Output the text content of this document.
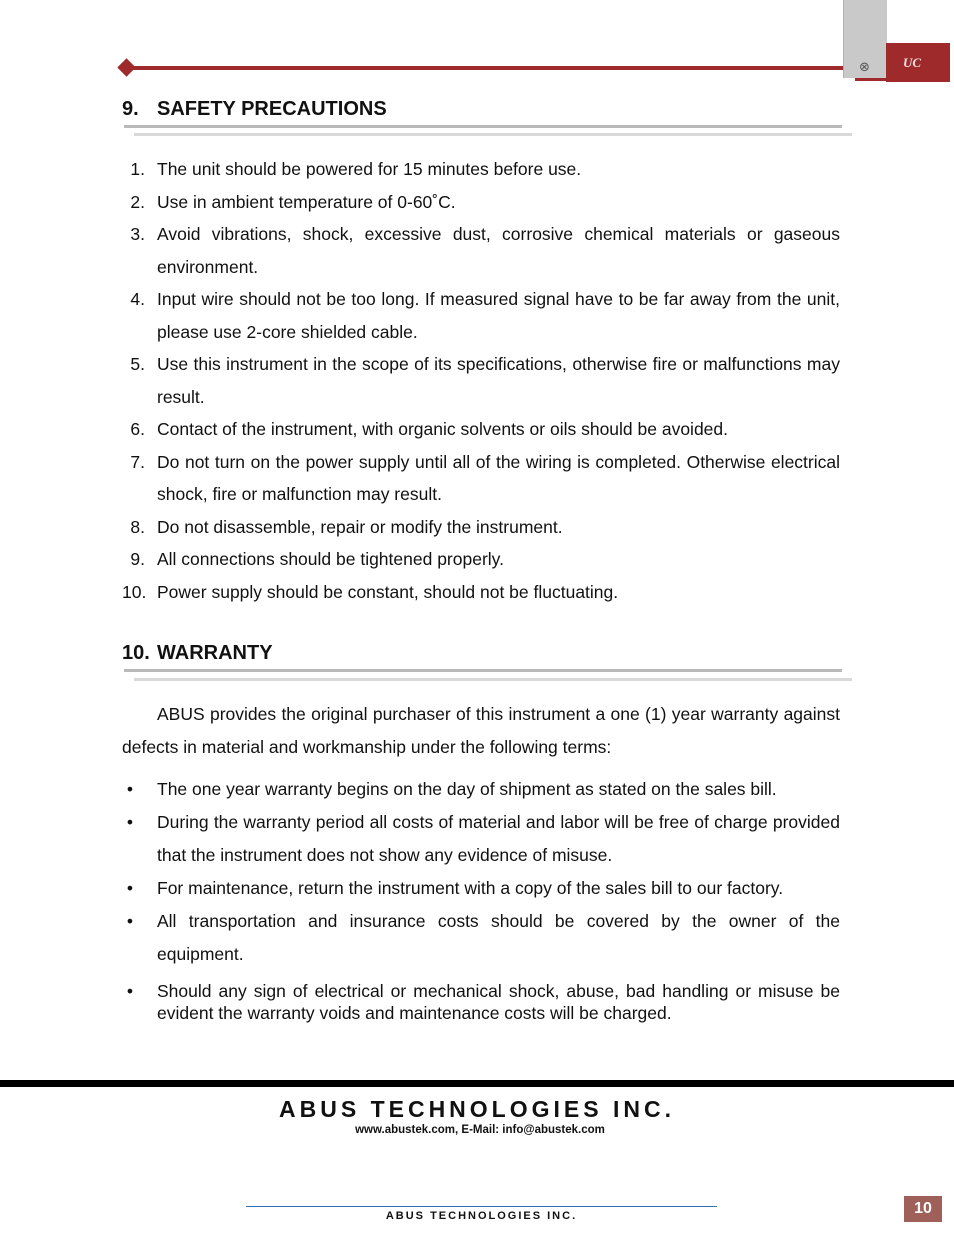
⊗	UC
9. SAFETY PRECAUTIONS
1. The unit should be powered for 15 minutes before use.
2. Use in ambient temperature of 0-60˚C.
3. Avoid vibrations, shock, excessive dust, corrosive chemical materials or gaseous environment.
4. Input wire should not be too long. If measured signal have to be far away from the unit, please use 2-core shielded cable.
5. Use this instrument in the scope of its specifications, otherwise fire or malfunctions may result.
6. Contact of the instrument, with organic solvents or oils should be avoided.
7. Do not turn on the power supply until all of the wiring is completed. Otherwise electrical shock, fire or malfunction may result.
8. Do not disassemble, repair or modify the instrument.
9. All connections should be tightened properly.
10. Power supply should be constant, should not be fluctuating.
10. WARRANTY

ABUS provides the original purchaser of this instrument a one (1) year warranty against defects in material and workmanship under the following terms:

• The one year warranty begins on the day of shipment as stated on the sales bill.
• During the warranty period all costs of material and labor will be free of charge provided that the instrument does not show any evidence of misuse.
• For maintenance, return the instrument with a copy of the sales bill to our factory.
• All transportation and insurance costs should be covered by the owner of the equipment.
• Should any sign of electrical or mechanical shock, abuse, bad handling or misuse be evident the warranty voids and maintenance costs will be charged.
ABUS TECHNOLOGIES INC.
www.abustek.com, E-Mail: info@abustek.com
ABUS TECHNOLOGIES INC.	10
